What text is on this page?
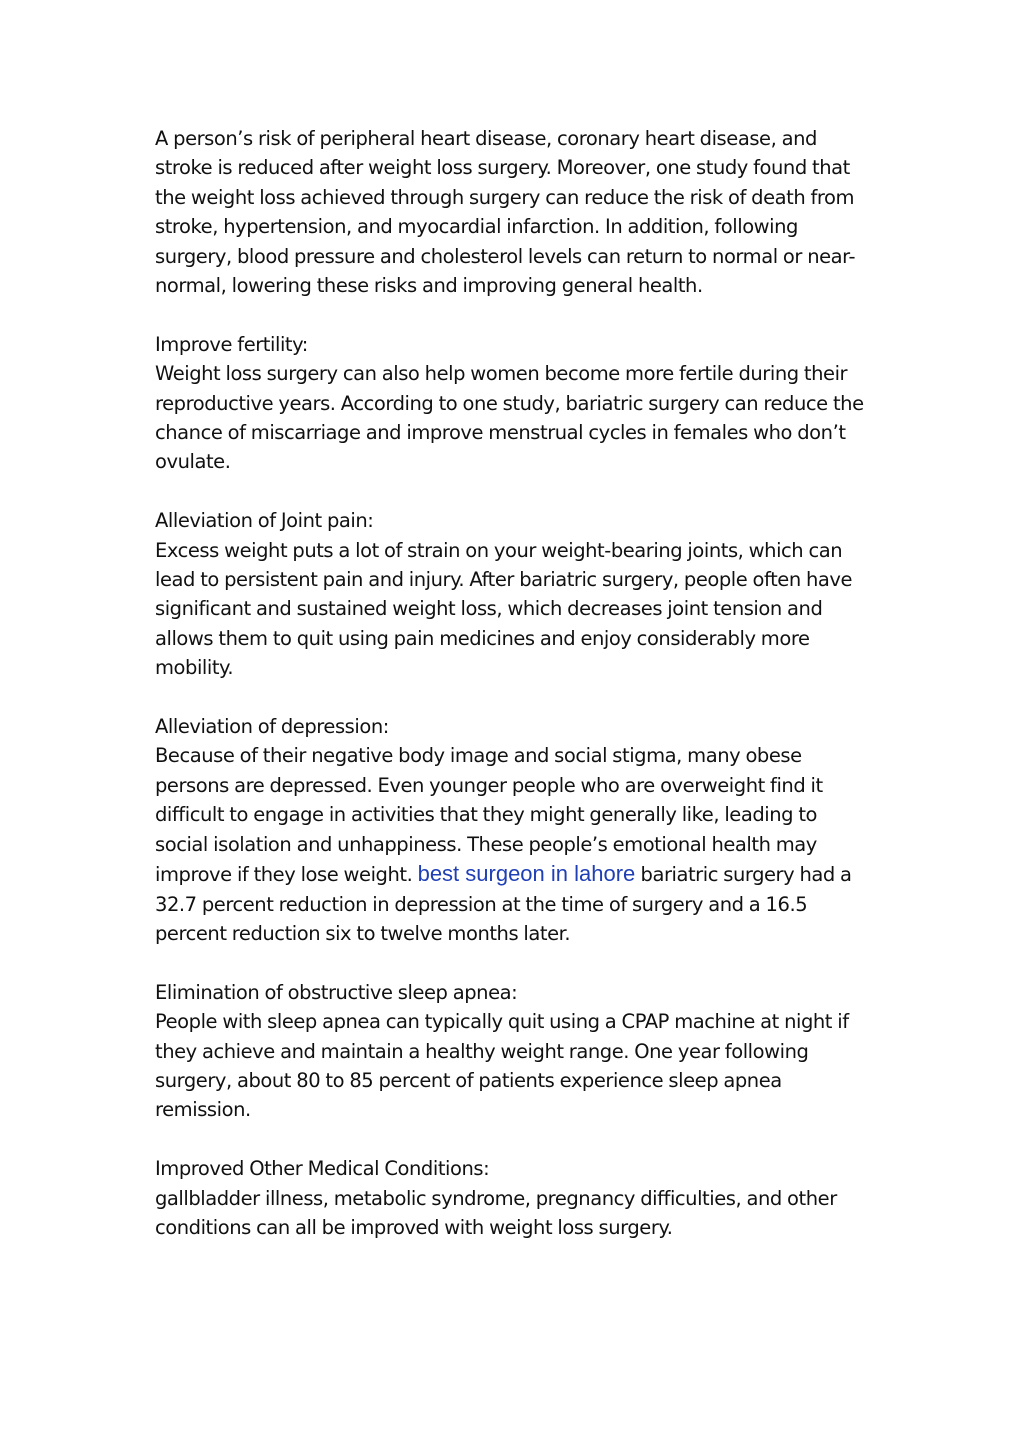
A person’s risk of peripheral heart disease, coronary heart disease, and stroke is reduced after weight loss surgery. Moreover, one study found that the weight loss achieved through surgery can reduce the risk of death from stroke, hypertension, and myocardial infarction. In addition, following surgery, blood pressure and cholesterol levels can return to normal or near-normal, lowering these risks and improving general health.

Improve fertility:

Weight loss surgery can also help women become more fertile during their reproductive years. According to one study, bariatric surgery can reduce the chance of miscarriage and improve menstrual cycles in females who don’t ovulate.

Alleviation of Joint pain:

Excess weight puts a lot of strain on your weight-bearing joints, which can lead to persistent pain and injury. After bariatric surgery, people often have significant and sustained weight loss, which decreases joint tension and allows them to quit using pain medicines and enjoy considerably more mobility.

Alleviation of depression:

Because of their negative body image and social stigma, many obese persons are depressed. Even younger people who are overweight find it difficult to engage in activities that they might generally like, leading to social isolation and unhappiness. These people’s emotional health may improve if they lose weight. best surgeon in lahore bariatric surgery had a 32.7 percent reduction in depression at the time of surgery and a 16.5 percent reduction six to twelve months later.

Elimination of obstructive sleep apnea:

People with sleep apnea can typically quit using a CPAP machine at night if they achieve and maintain a healthy weight range. One year following surgery, about 80 to 85 percent of patients experience sleep apnea remission.

Improved Other Medical Conditions:

gallbladder illness, metabolic syndrome, pregnancy difficulties, and other conditions can all be improved with weight loss surgery.
